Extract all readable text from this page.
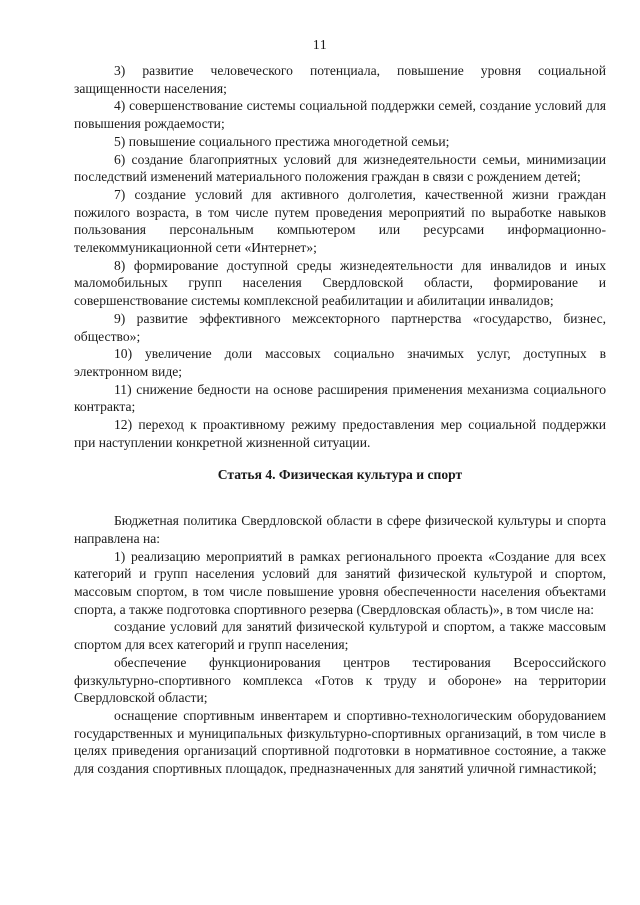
11

3) развитие человеческого потенциала, повышение уровня социальной защищенности населения;

4) совершенствование системы социальной поддержки семей, создание условий для повышения рождаемости;

5) повышение социального престижа многодетной семьи;

6) создание благоприятных условий для жизнедеятельности семьи, минимизации последствий изменений материального положения граждан в связи с рождением детей;

7) создание условий для активного долголетия, качественной жизни граждан пожилого возраста, в том числе путем проведения мероприятий по выработке навыков пользования персональным компьютером или ресурсами информационно-телекоммуникационной сети «Интернет»;

8) формирование доступной среды жизнедеятельности для инвалидов и иных маломобильных групп населения Свердловской области, формирование и совершенствование системы комплексной реабилитации и абилитации инвалидов;

9) развитие эффективного межсекторного партнерства «государство, бизнес, общество»;

10) увеличение доли массовых социально значимых услуг, доступных в электронном виде;

11) снижение бедности на основе расширения применения механизма социального контракта;

12) переход к проактивному режиму предоставления мер социальной поддержки при наступлении конкретной жизненной ситуации.

Статья 4. Физическая культура и спорт

Бюджетная политика Свердловской области в сфере физической культуры и спорта направлена на:

1) реализацию мероприятий в рамках регионального проекта «Создание для всех категорий и групп населения условий для занятий физической культурой и спортом, массовым спортом, в том числе повышение уровня обеспеченности населения объектами спорта, а также подготовка спортивного резерва (Свердловская область)», в том числе на:

создание условий для занятий физической культурой и спортом, а также массовым спортом для всех категорий и групп населения;

обеспечение функционирования центров тестирования Всероссийского физкультурно-спортивного комплекса «Готов к труду и обороне» на территории Свердловской области;

оснащение спортивным инвентарем и спортивно-технологическим оборудованием государственных и муниципальных физкультурно-спортивных организаций, в том числе в целях приведения организаций спортивной подготовки в нормативное состояние, а также для создания спортивных площадок, предназначенных для занятий уличной гимнастикой;
